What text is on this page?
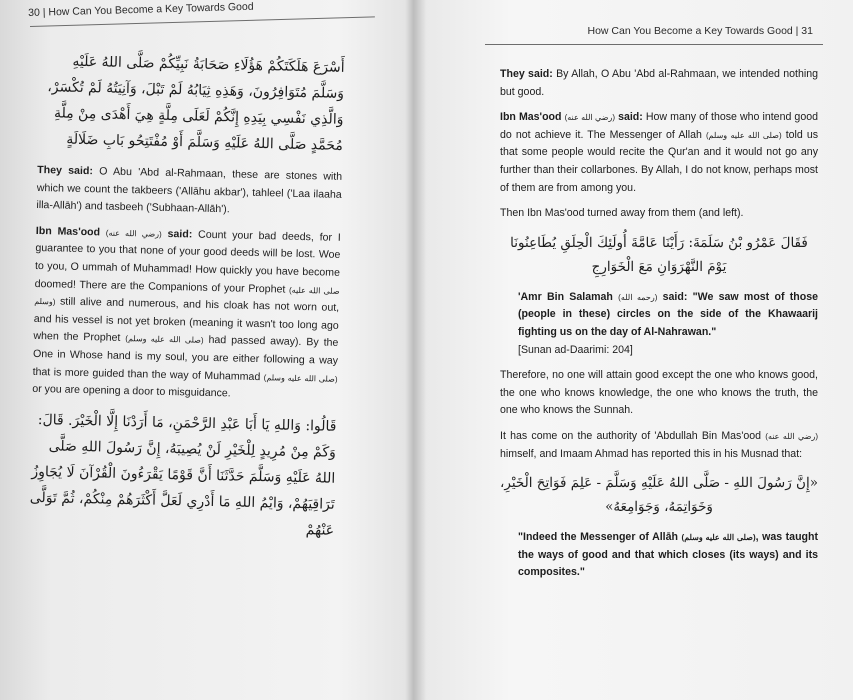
30 | How Can You Become a Key Towards Good

أَسْرَعَ هَلَكَتَكُمْ هَؤُلَاءِ صَحَابَةُ نَبِيِّكُمْ صَلَّى اللهُ عَلَيْهِ وَسَلَّمَ مُتَوَافِرُونَ، وَهَذِهِ ثِيَابُهُ لَمْ تَبْلَ، وَآنِيَتُهُ لَمْ تُكْسَرْ، وَالَّذِي نَفْسِي بِيَدِهِ إِنَّكُمْ لَعَلَى مِلَّةٍ هِيَ أَهْدَى مِنْ مِلَّةِ مُحَمَّدٍ صَلَّى اللهُ عَلَيْهِ وَسَلَّمَ أَوْ مُفْتَتِحُو بَابِ ضَلَالَةٍ

They said: O Abu 'Abd al-Rahmaan, these are stones with which we count the takbeers ('Allāhu akbar'), tahleel ('Laa ilaaha illa-Allāh') and tasbeeh ('Subhaan-Allāh').

Ibn Mas'ood (رضي الله عنه) said: Count your bad deeds, for I guarantee to you that none of your good deeds will be lost. Woe to you, O ummah of Muhammad! How quickly you have become doomed! There are the Companions of your Prophet (صلى الله عليه وسلم) still alive and numerous, and his cloak has not worn out, and his vessel is not yet broken (meaning it wasn't too long ago when the Prophet (صلى الله عليه وسلم) had passed away). By the One in Whose hand is my soul, you are either following a way that is more guided than the way of Muhammad (صلى الله عليه وسلم) or you are opening a door to misguidance.

قَالُوا: وَاللهِ يَا أَبَا عَبْدِ الرَّحْمَنِ، مَا أَرَدْنَا إِلَّا الْخَيْرَ. قَالَ: وَكَمْ مِنْ مُرِيدٍ لِلْخَيْرِ لَنْ يُصِيبَهُ، إِنَّ رَسُولَ اللهِ صَلَّى اللهُ عَلَيْهِ وَسَلَّمَ حَدَّثَنَا أَنَّ قَوْمًا يَقْرَءُونَ الْقُرْآنَ لَا يُجَاوِزُ تَرَاقِيَهُمْ، وَايْمُ اللهِ مَا أَدْرِي لَعَلَّ أَكْثَرَهُمْ مِنْكُمْ، ثُمَّ تَوَلَّى عَنْهُمْ

How Can You Become a Key Towards Good | 31

They said: By Allah, O Abu 'Abd al-Rahmaan, we intended nothing but good.

Ibn Mas'ood (رضي الله عنه) said: How many of those who intend good do not achieve it. The Messenger of Allah (صلى الله عليه وسلم) told us that some people would recite the Qur'an and it would not go any further than their collarbones. By Allah, I do not know, perhaps most of them are from among you.

Then Ibn Mas'ood turned away from them (and left).

فَقَالَ عَمْرُو بْنُ سَلَمَةَ: رَأَيْنَا عَامَّةَ أُولَئِكَ الْحِلَقِ يُطَاعِنُونَا يَوْمَ النَّهْرَوَانِ مَعَ الْخَوَارِجِ

'Amr Bin Salamah (رحمه الله) said: "We saw most of those (people in these) circles on the side of the Khawaarij fighting us on the day of Al-Nahrawan."
[Sunan ad-Daarimi: 204]

Therefore, no one will attain good except the one who knows good, the one who knows knowledge, the one who knows the truth, the one who knows the Sunnah.

It has come on the authority of 'Abdullah Bin Mas'ood (رضي الله عنه) himself, and Imaam Ahmad has reported this in his Musnad that:

«إِنَّ رَسُولَ اللهِ - صَلَّى اللهُ عَلَيْهِ وَسَلَّمَ - عَلِمَ فَوَاتِحَ الْخَيْرِ، وَخَوَاتِمَهُ، وَجَوَامِعَهُ»

"Indeed the Messenger of Allāh (صلى الله عليه وسلم), was taught the ways of good and that which closes (its ways) and its composites."
